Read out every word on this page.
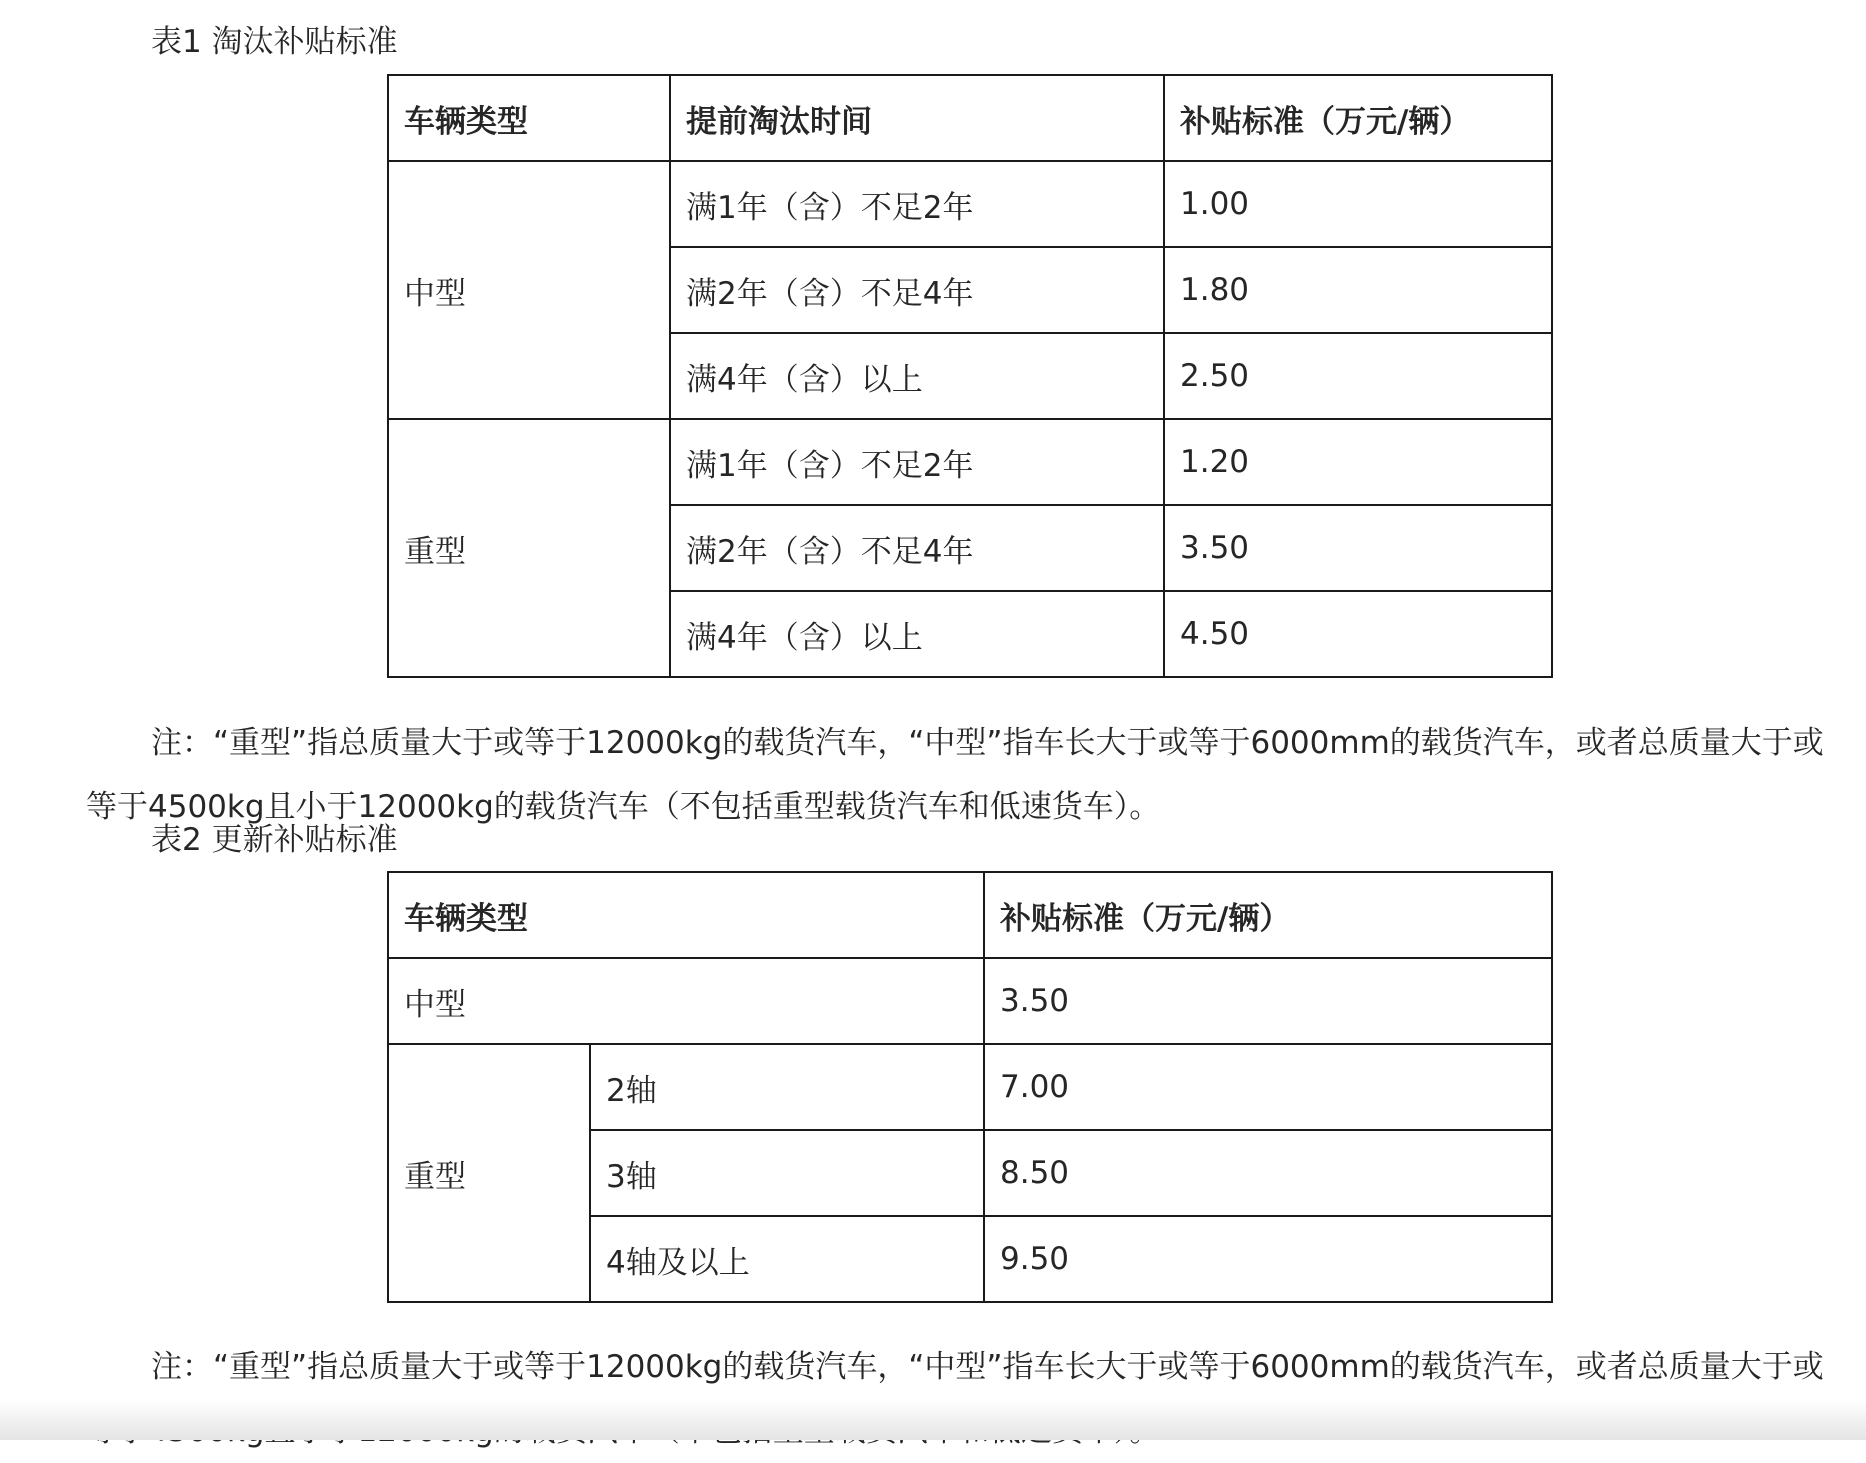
表1 淘汰补贴标准
车辆类型	提前淘汰时间	补贴标准（万元/辆）
中型	满1年（含）不足2年	1.00
	满2年（含）不足4年	1.80
	满4年（含）以上	2.50
重型	满1年（含）不足2年	1.20
	满2年（含）不足4年	3.50
	满4年（含）以上	4.50

注：“重型”指总质量大于或等于12000kg的载货汽车，“中型”指车长大于或等于6000mm的载货汽车，或者总质量大于或等于4500kg且小于12000kg的载货汽车（不包括重型载货汽车和低速货车）。

表2 更新补贴标准
车辆类型		补贴标准（万元/辆）
中型		3.50
重型	2轴	7.00
	3轴	8.50
	4轴及以上	9.50

注：“重型”指总质量大于或等于12000kg的载货汽车，“中型”指车长大于或等于6000mm的载货汽车，或者总质量大于或
